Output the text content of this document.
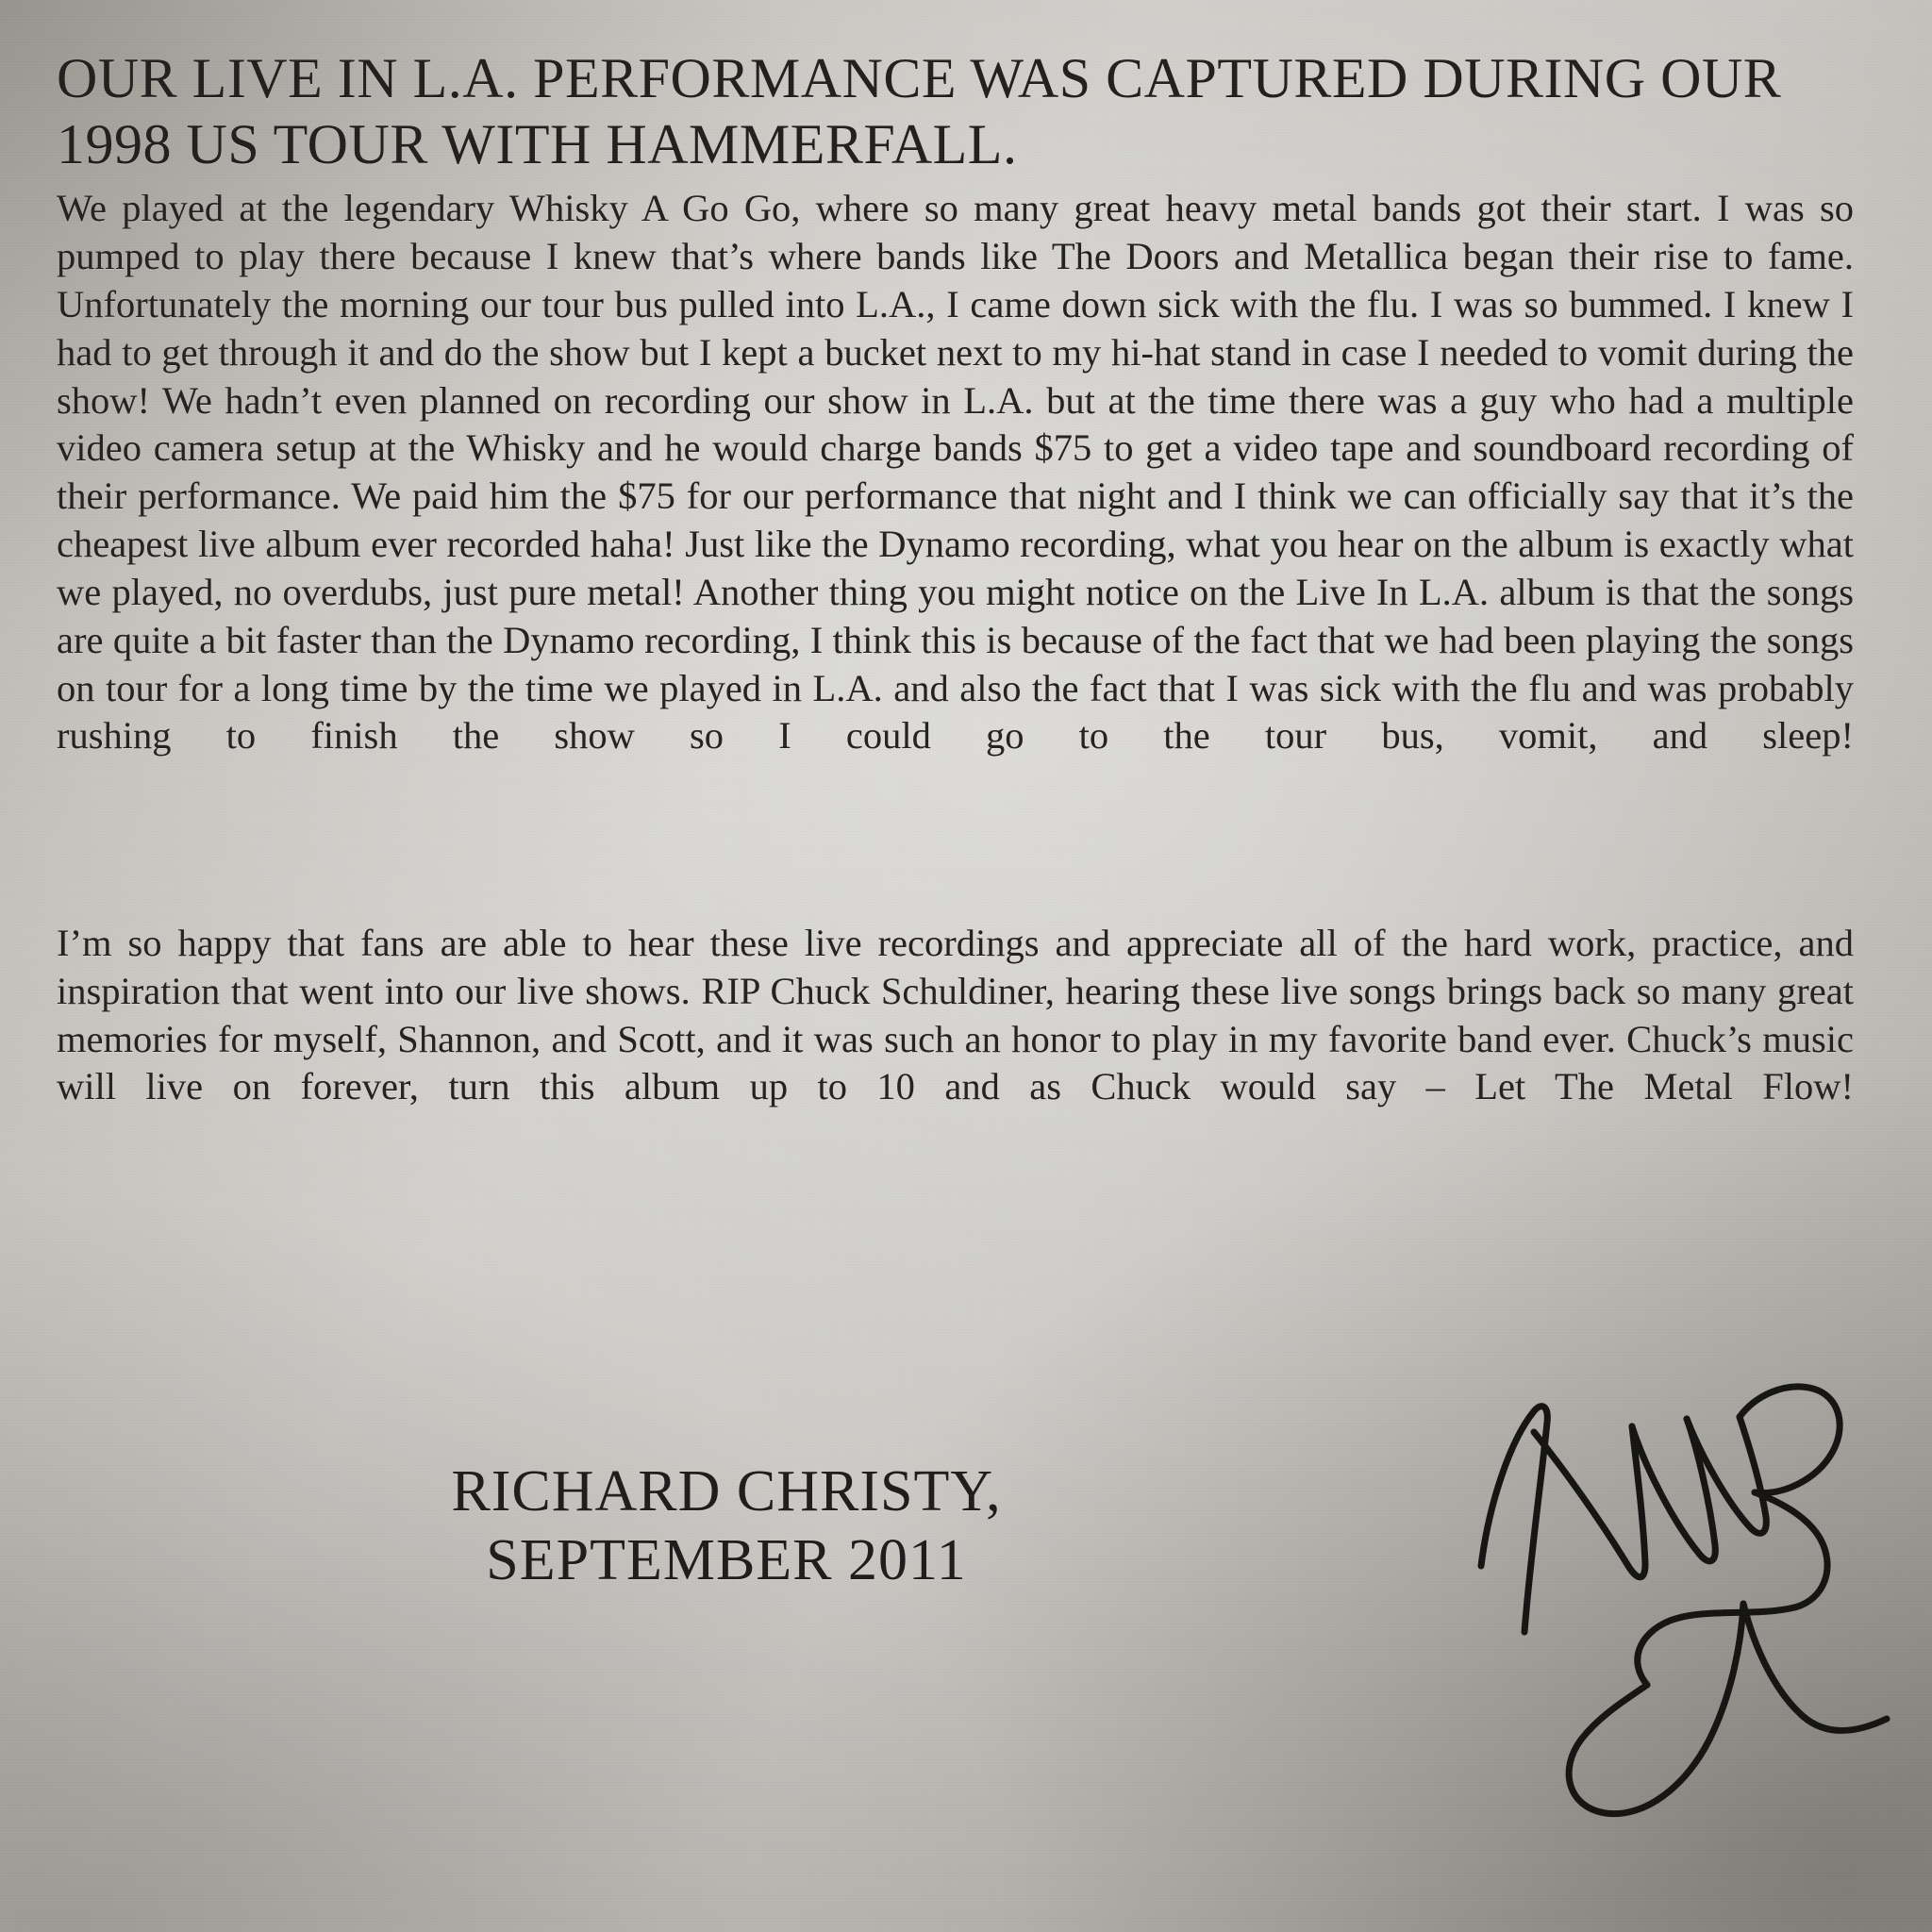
OUR LIVE IN L.A. PERFORMANCE WAS CAPTURED DURING OUR 1998 US TOUR WITH HAMMERFALL.

We played at the legendary Whisky A Go Go, where so many great heavy metal bands got their start. I was so pumped to play there because I knew that’s where bands like The Doors and Metallica began their rise to fame. Unfortunately the morning our tour bus pulled into L.A., I came down sick with the flu. I was so bummed. I knew I had to get through it and do the show but I kept a bucket next to my hi-hat stand in case I needed to vomit during the show! We hadn’t even planned on recording our show in L.A. but at the time there was a guy who had a multiple video camera setup at the Whisky and he would charge bands $75 to get a video tape and soundboard recording of their performance. We paid him the $75 for our performance that night and I think we can officially say that it’s the cheapest live album ever recorded haha! Just like the Dynamo recording, what you hear on the album is exactly what we played, no overdubs, just pure metal! Another thing you might notice on the Live In L.A. album is that the songs are quite a bit faster than the Dynamo recording, I think this is because of the fact that we had been playing the songs on tour for a long time by the time we played in L.A. and also the fact that I was sick with the flu and was probably rushing to finish the show so I could go to the tour bus, vomit, and sleep!

I’m so happy that fans are able to hear these live recordings and appreciate all of the hard work, practice, and inspiration that went into our live shows. RIP Chuck Schuldiner, hearing these live songs brings back so many great memories for myself, Shannon, and Scott, and it was such an honor to play in my favorite band ever. Chuck’s music will live on forever, turn this album up to 10 and as Chuck would say – Let The Metal Flow!

RICHARD CHRISTY,
SEPTEMBER 2011
